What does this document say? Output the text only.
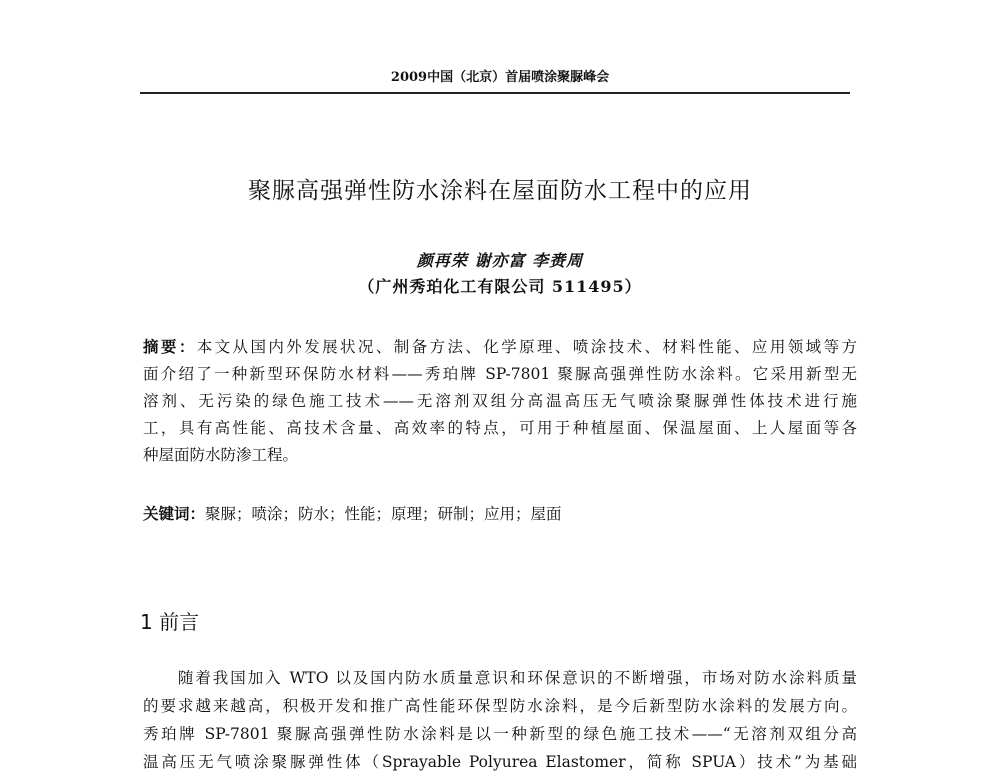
2009中国（北京）首届喷涂聚脲峰会
聚脲高强弹性防水涂料在屋面防水工程中的应用
颜再荣 谢亦富 李赉周
（广州秀珀化工有限公司 511495）
摘要：本文从国内外发展状况、制备方法、化学原理、喷涂技术、材料性能、应用领域等方
面介绍了一种新型环保防水材料——秀珀牌 SP-7801 聚脲高强弹性防水涂料。它采用新型无
溶剂、无污染的绿色施工技术——无溶剂双组分高温高压无气喷涂聚脲弹性体技术进行施
工，具有高性能、高技术含量、高效率的特点，可用于种植屋面、保温屋面、上人屋面等各
种屋面防水防渗工程。
关键词：聚脲；喷涂；防水；性能；原理；研制；应用；屋面
1 前言
　　随着我国加入 WTO 以及国内防水质量意识和环保意识的不断增强，市场对防水涂料质量
的要求越来越高，积极开发和推广高性能环保型防水涂料，是今后新型防水涂料的发展方向。
秀珀牌 SP-7801 聚脲高强弹性防水涂料是以一种新型的绿色施工技术——“无溶剂双组分高
温高压无气喷涂聚脲弹性体（Sprayable Polyurea Elastomer，简称 SPUA）技术”为基础
